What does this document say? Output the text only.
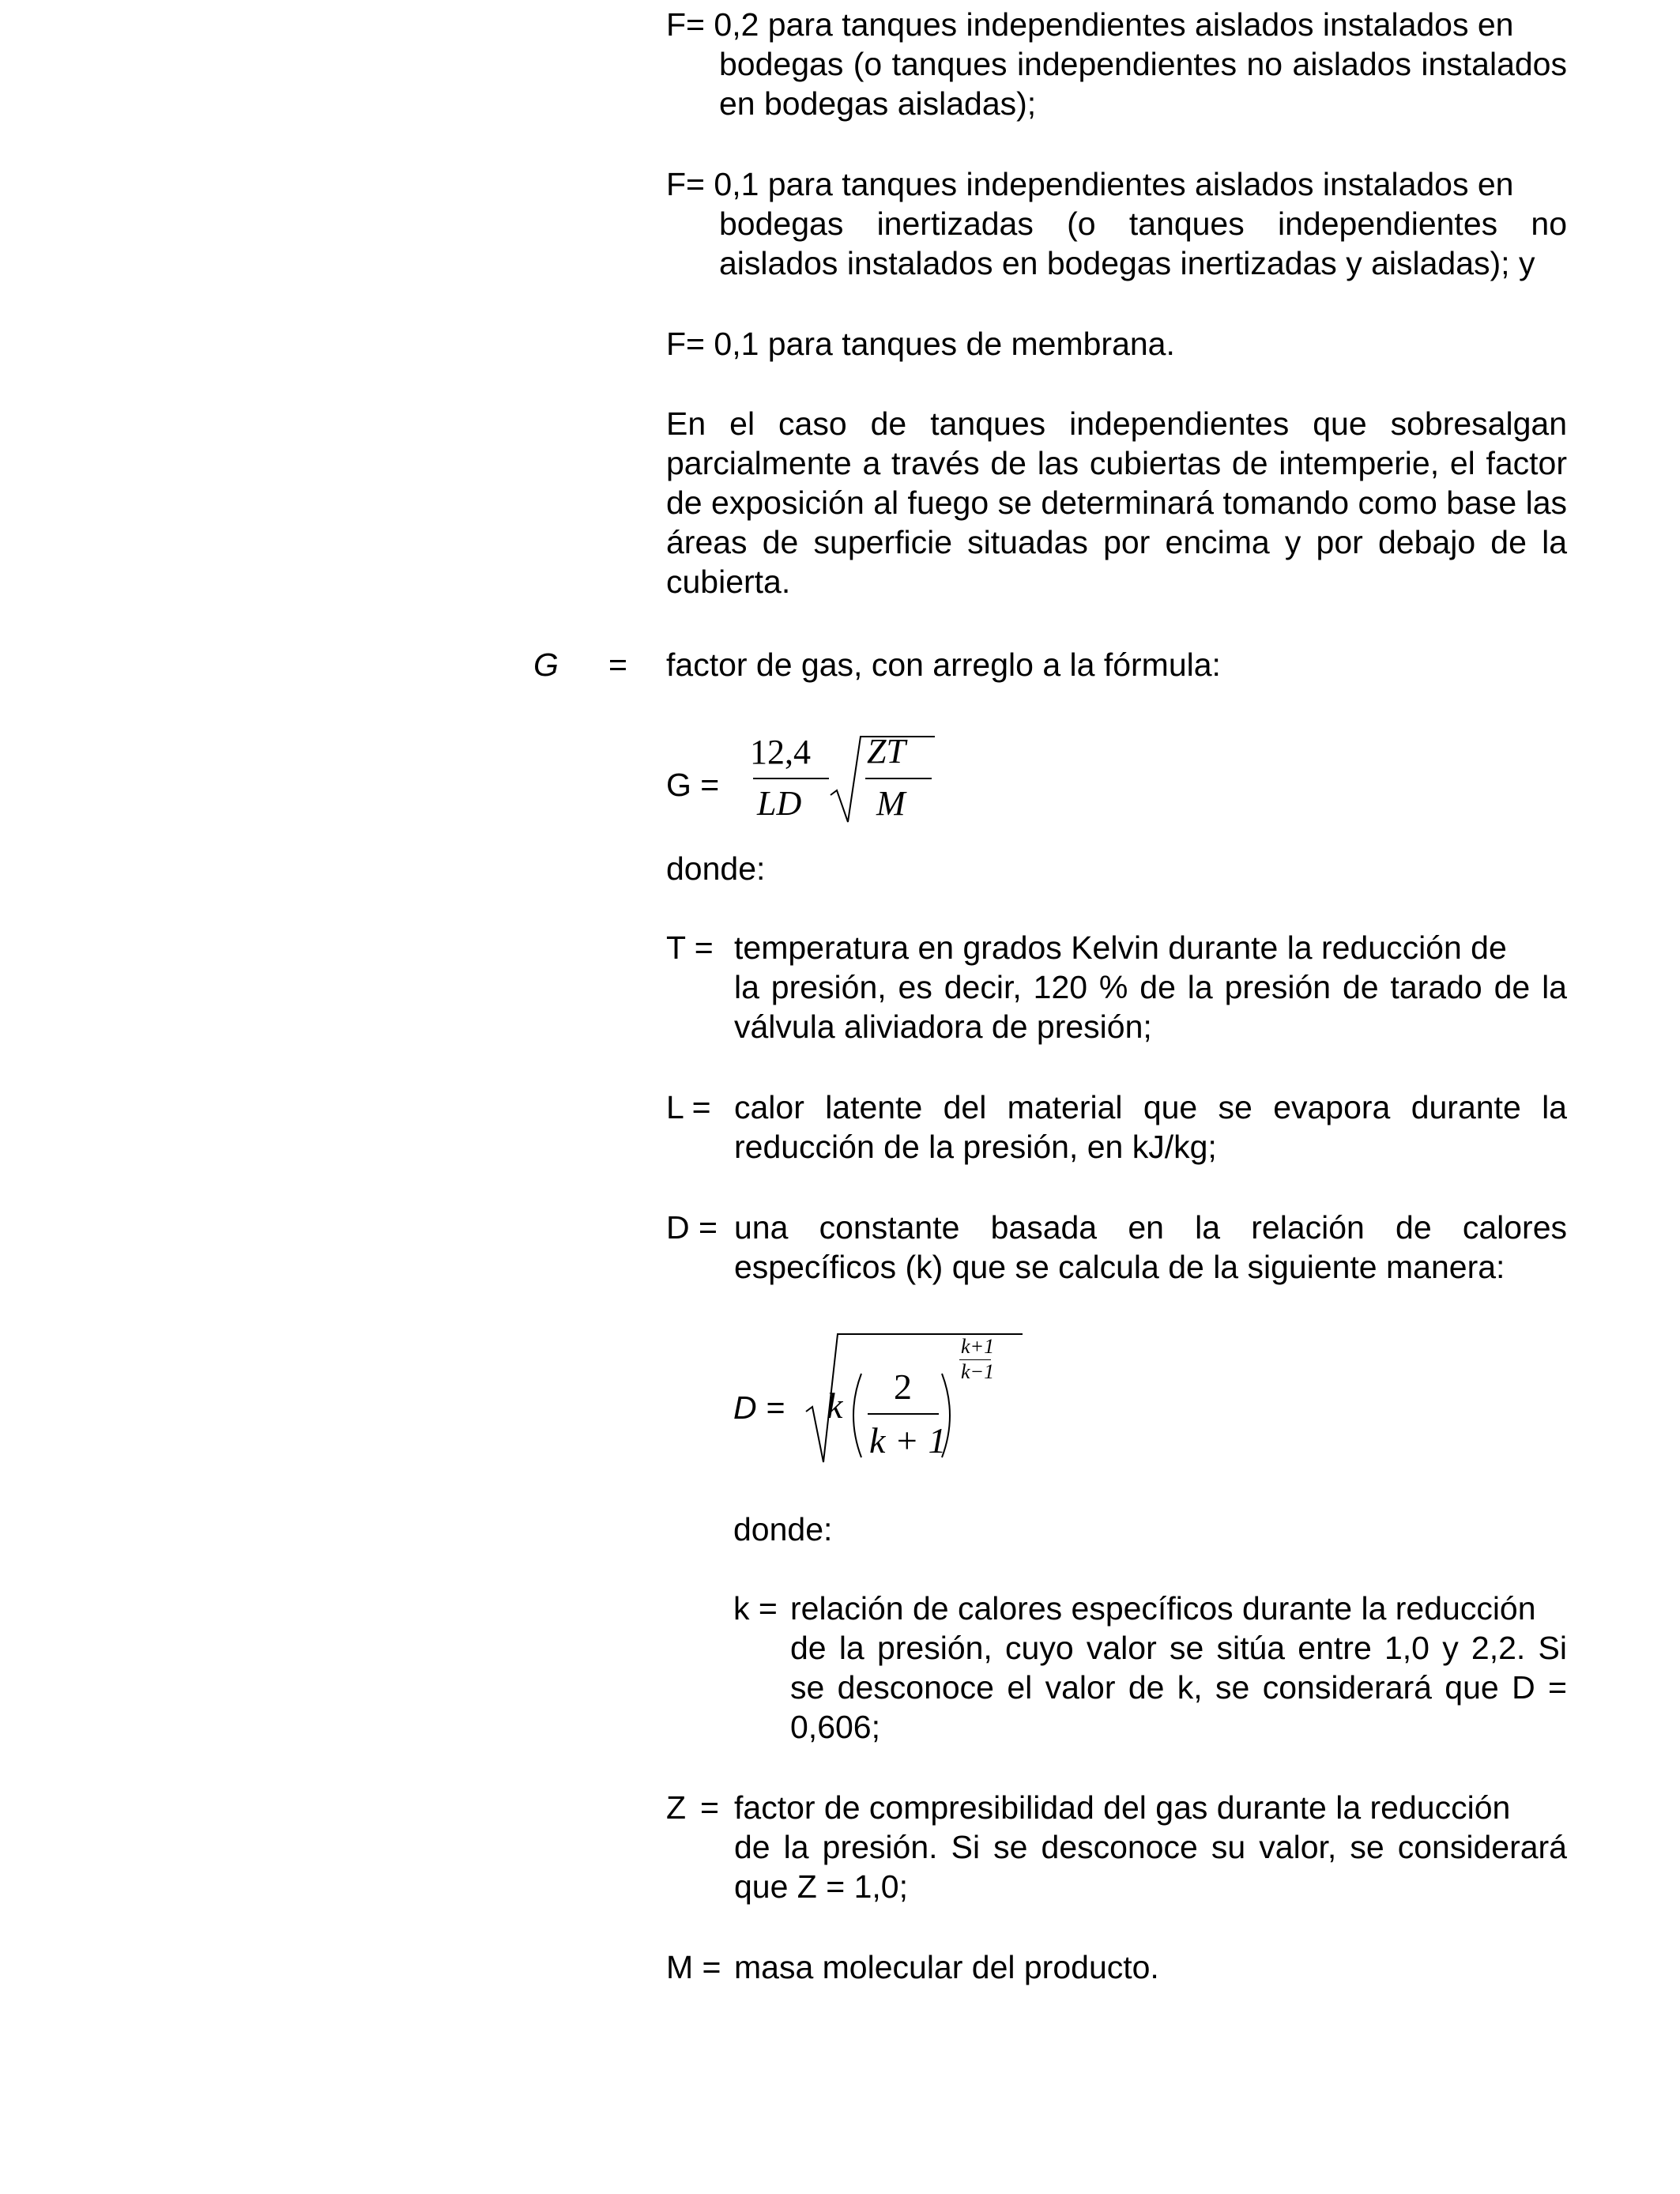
F= 0,2 para tanques independientes aislados instalados en
bodegas (o tanques independientes no aislados instalados en bodegas aisladas);
F= 0,1 para tanques independientes aislados instalados en
bodegas inertizadas (o tanques independientes no aislados instalados en bodegas inertizadas y aisladas); y
F= 0,1 para tanques de membrana.
En el caso de tanques independientes que sobresalgan parcialmente a través de las cubiertas de intemperie, el factor de exposición al fuego se determinará tomando como base las áreas de superficie situadas por encima y por debajo de la cubierta.
G = factor de gas, con arreglo a la fórmula:
G =
12,4
LD
ZT
M
donde:
T = temperatura en grados Kelvin durante la reducción de
la presión, es decir, 120 % de la presión de tarado de la válvula aliviadora de presión;
L = calor latente del material que se evapora durante la
reducción de la presión, en kJ/kg;
D = una constante basada en la relación de calores
específicos (k) que se calcula de la siguiente manera:
D = k 2
k + 1
k+1
k−1
donde:
k = relación de calores específicos durante la reducción
de la presión, cuyo valor se sitúa entre 1,0 y 2,2. Si se desconoce el valor de k, se considerará que D = 0,606;
Z = factor de compresibilidad del gas durante la reducción
de la presión. Si se desconoce su valor, se considerará que Z = 1,0;
M = masa molecular del producto.
